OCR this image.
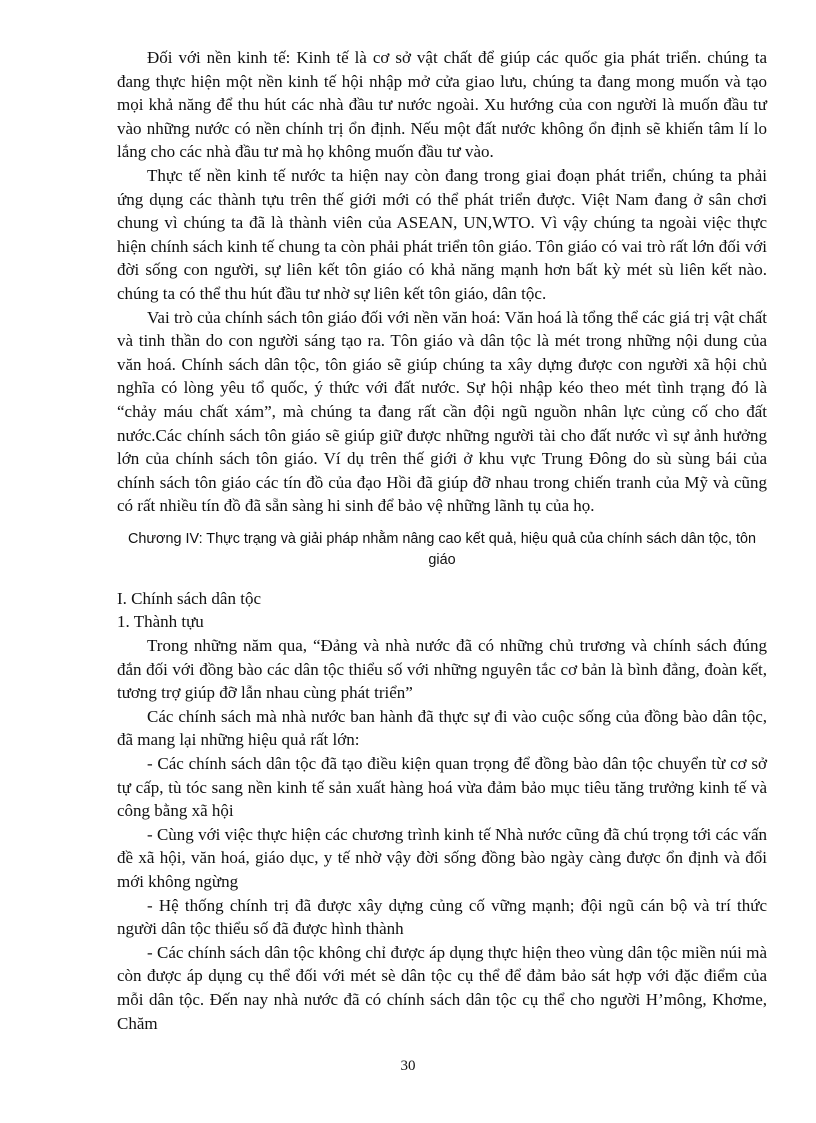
Đối với nền kinh tế: Kinh tế là cơ sở vật chất để giúp các quốc gia phát triển. chúng ta đang thực hiện một nền kinh tế hội nhập mở cửa giao lưu, chúng ta đang mong muốn và tạo mọi khả năng để thu hút các nhà đầu tư nước ngoài. Xu hướng của con người là muốn đầu tư vào những nước có nền chính trị ổn định. Nếu một đất nước không ổn định sẽ khiến tâm lí lo lắng cho các nhà đầu tư mà họ không muốn đầu tư vào.

Thực tế nền kinh tế nước ta hiện nay còn đang trong giai đoạn phát triển, chúng ta phải ứng dụng các thành tựu trên thế giới mới có thể phát triển được. Việt Nam đang ở sân chơi chung vì chúng ta đã là thành viên của ASEAN, UN,WTO. Vì vậy chúng ta ngoài việc thực hiện chính sách kinh tế chung ta còn phải phát triển tôn giáo. Tôn giáo có vai trò rất lớn đối với đời sống con người, sự liên kết tôn giáo có khả năng mạnh hơn bất kỳ mét sù liên kết nào. chúng ta có thể thu hút đầu tư nhờ sự liên kết tôn giáo, dân tộc.

Vai trò của chính sách tôn giáo đối với nền văn hoá: Văn hoá là tổng thể các giá trị vật chất và tinh thần do con người sáng tạo ra. Tôn giáo và dân tộc là mét trong những nội dung của văn hoá. Chính sách dân tộc, tôn giáo sẽ giúp chúng ta xây dựng được con người xã hội chủ nghĩa có lòng yêu tổ quốc, ý thức với đất nước. Sự hội nhập kéo theo mét tình trạng đó là “chảy máu chất xám”, mà chúng ta đang rất cần đội ngũ nguồn nhân lực củng cố cho đất nước.Các chính sách tôn giáo sẽ giúp giữ được những người tài cho đất nước vì sự ảnh hưởng lớn của chính sách tôn giáo. Ví dụ trên thế giới ở khu vực Trung Đông do sù sùng bái của chính sách tôn giáo các tín đồ của đạo Hồi đã giúp đỡ nhau trong chiến tranh của Mỹ và cũng có rất nhiều tín đồ đã sẵn sàng hi sinh để bảo vệ những lãnh tụ của họ.

Chương IV: Thực trạng và giải pháp nhằm nâng cao kết quả, hiệu quả của chính sách dân tộc, tôn giáo

I. Chính sách dân tộc

1. Thành tựu

Trong những năm qua, “Đảng và nhà nước đã có những chủ trương và chính sách đúng đắn đối với đồng bào các dân tộc thiểu số với những nguyên tắc cơ bản là bình đẳng, đoàn kết, tương trợ giúp đỡ lẫn nhau cùng phát triển”

Các chính sách mà nhà nước ban hành đã thực sự đi vào cuộc sống của đồng bào dân tộc, đã mang lại những hiệu quả rất lớn:

- Các chính sách dân tộc đã tạo điều kiện quan trọng để đồng bào dân tộc chuyển từ cơ sở tự cấp, tù tóc sang nền kinh tế sản xuất hàng hoá vừa đảm bảo mục tiêu tăng trưởng kinh tế và công bằng xã hội

- Cùng với việc thực hiện các chương trình kinh tế Nhà nước cũng đã chú trọng tới các vấn đề xã hội, văn hoá, giáo dục, y tế nhờ vậy đời sống đồng bào ngày càng được ổn định và đổi mới không ngừng

- Hệ thống chính trị đã được xây dựng củng cố vững mạnh; đội ngũ cán bộ và trí thức người dân tộc thiểu số đã được hình thành

- Các chính sách dân tộc không chỉ được áp dụng thực hiện theo vùng dân tộc miền núi mà còn được áp dụng cụ thể đối với mét sè dân tộc cụ thể để đảm bảo sát hợp với đặc điểm của mỗi dân tộc. Đến nay nhà nước đã có chính sách dân tộc cụ thể cho người H’mông, Khơme, Chăm

30
